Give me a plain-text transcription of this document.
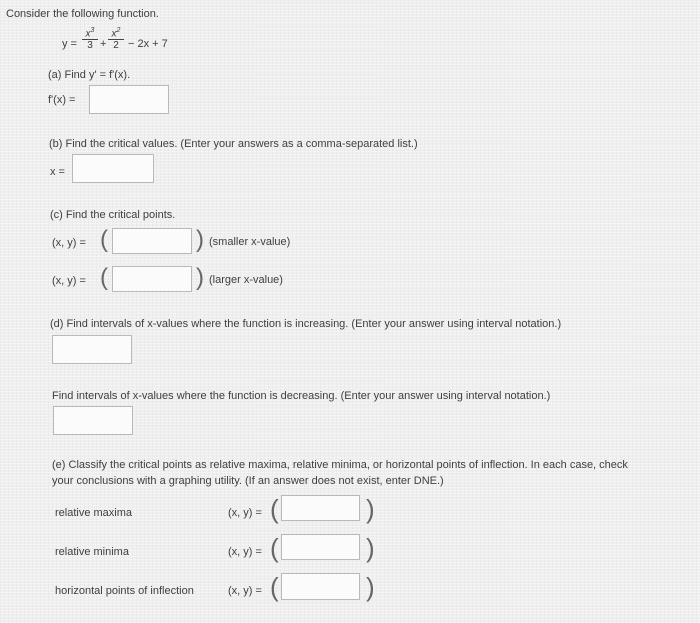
Consider the following function.
$y = \frac{x^3}{3} + \frac{x^2}{2} - 2x + 7$
(a) Find y' = f'(x).
f'(x) =
(b) Find the critical values. (Enter your answers as a comma-separated list.)
x =
(c) Find the critical points.
(x, y) = (	) (smaller x-value)
(x, y) = (	) (larger x-value)
(d) Find intervals of x-values where the function is increasing. (Enter your answer using interval notation.)
Find intervals of x-values where the function is decreasing. (Enter your answer using interval notation.)
(e) Classify the critical points as relative maxima, relative minima, or horizontal points of inflection. In each case, check
your conclusions with a graphing utility. (If an answer does not exist, enter DNE.)
relative maxima	(x, y) = (	)
relative minima	(x, y) = (	)
horizontal points of inflection	(x, y) = (	)
